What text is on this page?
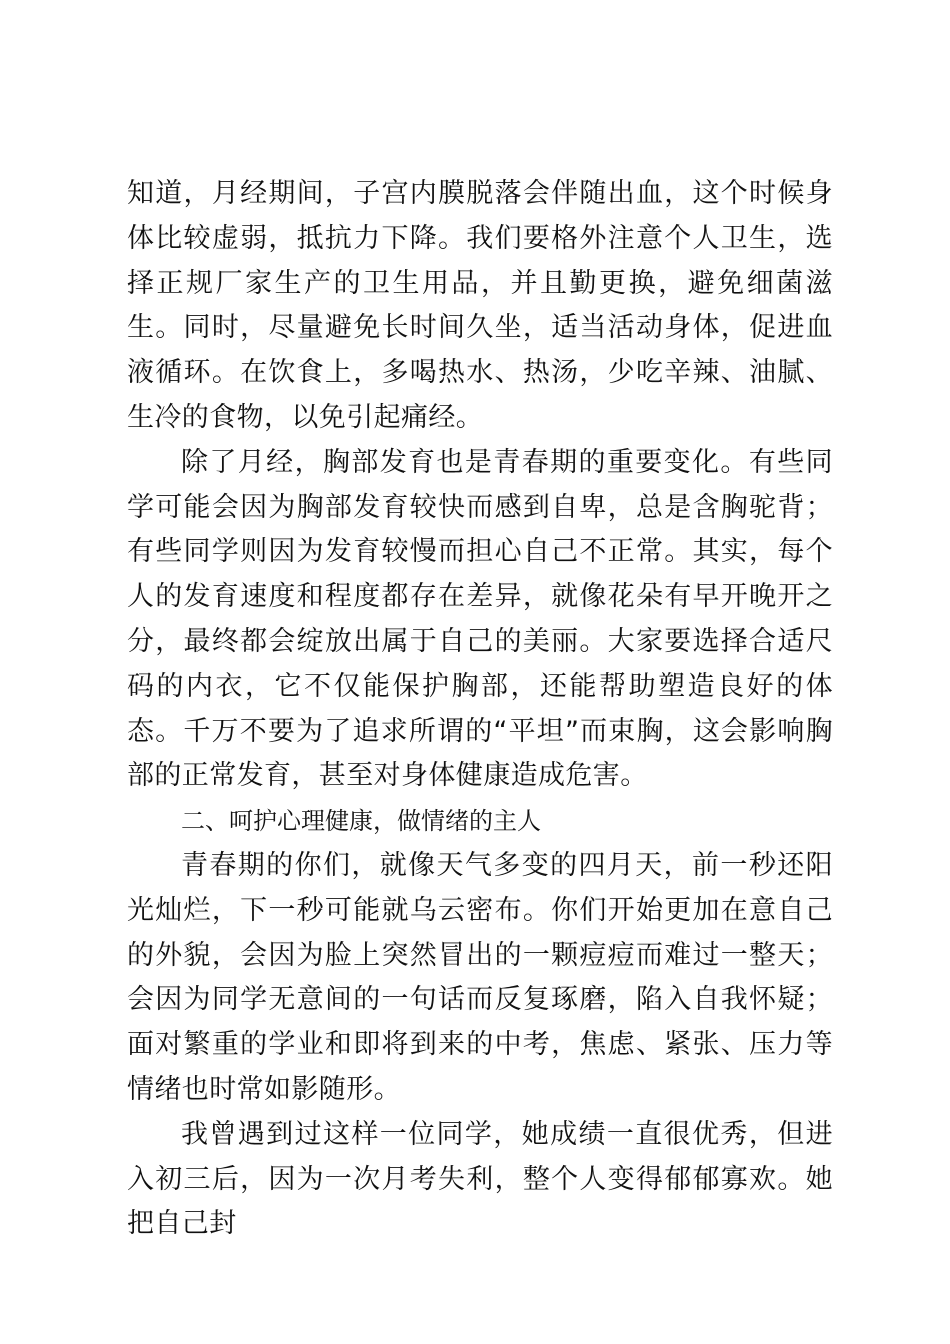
知道，月经期间，子宫内膜脱落会伴随出血，这个时候身体比较虚弱，抵抗力下降。我们要格外注意个人卫生，选择正规厂家生产的卫生用品，并且勤更换，避免细菌滋生。同时，尽量避免长时间久坐，适当活动身体，促进血液循环。在饮食上，多喝热水、热汤，少吃辛辣、油腻、生冷的食物，以免引起痛经。

除了月经，胸部发育也是青春期的重要变化。有些同学可能会因为胸部发育较快而感到自卑，总是含胸驼背；有些同学则因为发育较慢而担心自己不正常。其实，每个人的发育速度和程度都存在差异，就像花朵有早开晚开之分，最终都会绽放出属于自己的美丽。大家要选择合适尺码的内衣，它不仅能保护胸部，还能帮助塑造良好的体态。千万不要为了追求所谓的“平坦”而束胸，这会影响胸部的正常发育，甚至对身体健康造成危害。

二、呵护心理健康，做情绪的主人

青春期的你们，就像天气多变的四月天，前一秒还阳光灿烂，下一秒可能就乌云密布。你们开始更加在意自己的外貌，会因为脸上突然冒出的一颗痘痘而难过一整天；会因为同学无意间的一句话而反复琢磨，陷入自我怀疑；面对繁重的学业和即将到来的中考，焦虑、紧张、压力等情绪也时常如影随形。

我曾遇到过这样一位同学，她成绩一直很优秀，但进入初三后，因为一次月考失利，整个人变得郁郁寡欢。她把自己封
